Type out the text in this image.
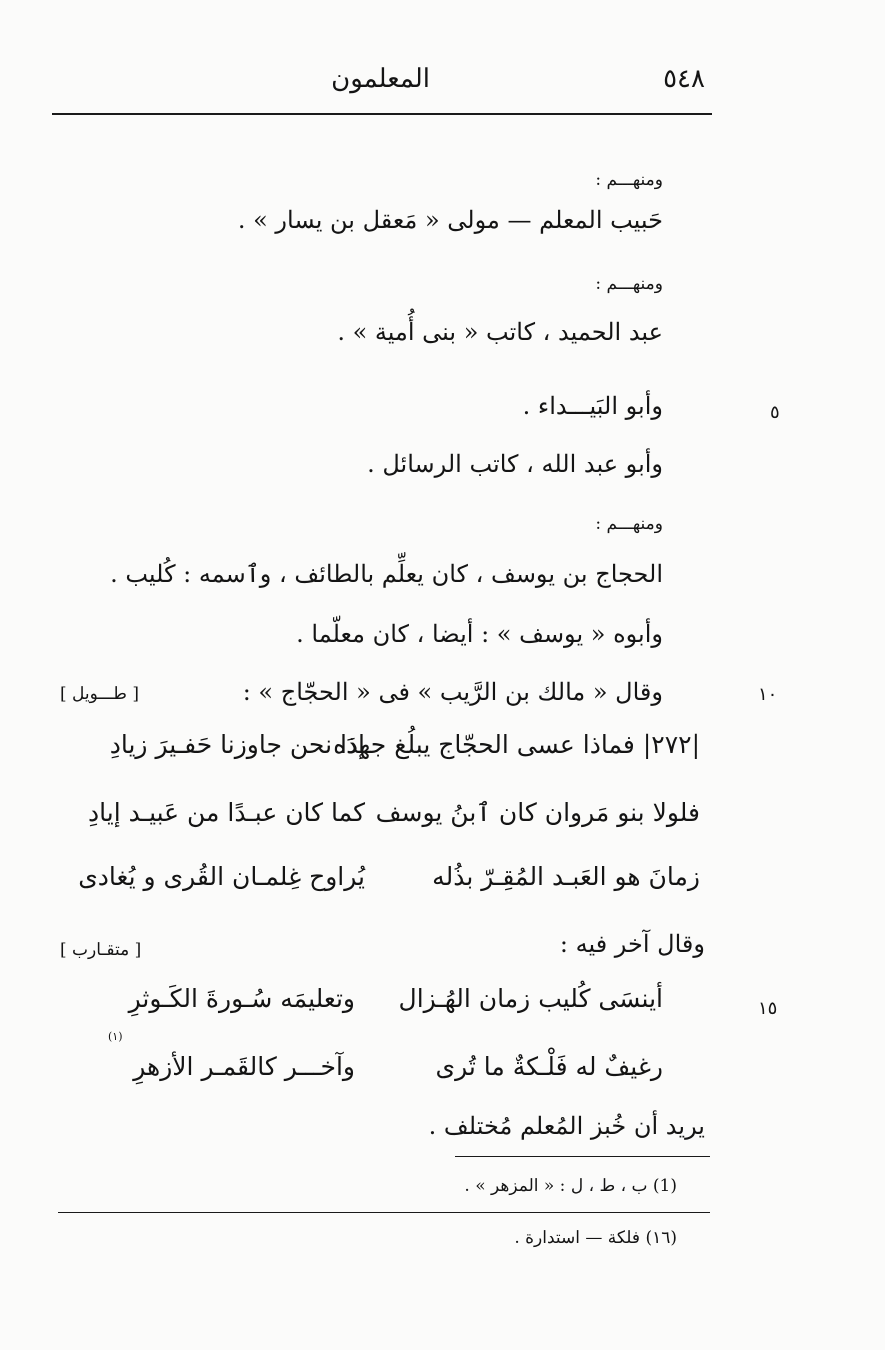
٥٤٨
المعلمون
ومنهـــم :
حَبيب المعلم — مولى « مَعقل بن يسار » .
ومنهـــم :
عبد الحميد ، كاتب « بنى أُمية » .
وأبو البَيـــداء .	٥
وأبو عبد الله ، كاتب الرسائل .
ومنهـــم :
الحجاج بن يوسف ، كان يعلِّم بالطائف ، وٱسمه : كُليب .
وأبوه « يوسف » : أيضا ، كان معلّما .
وقال « مالك بن الرَّيب » فى « الحجّاج » :
[ طـــويل ]	١٠
|٢٧٢| فماذا عسى الحجّاج يبلُغ جهدَه
إذا نحن جاوزنا حَفـيرَ زيادِ
فلولا بنو مَروان كان ٱبنُ يوسف
كما كان عبـدًا من عَبيـد إيادِ
زمانَ هو العَبـد المُقِـرّ بذُله
يُراوح غِلمـان القُرى و يُغادى
وقال آخر فيه :
[ متقـارب ]
أينسَى كُليب زمان الهُـزال
وتعليمَه سُـورةَ الكَـوثرِ	١٥
(١)
رغيفٌ له فَلْـكةٌ ما تُرى
وآخـــر كالقَمـر الأزهرِ
يريد أن خُبز المُعلم مُختلف .
(1) ب ، ط ، ل : « المزهر » .
(١٦) فلكة — استدارة .
